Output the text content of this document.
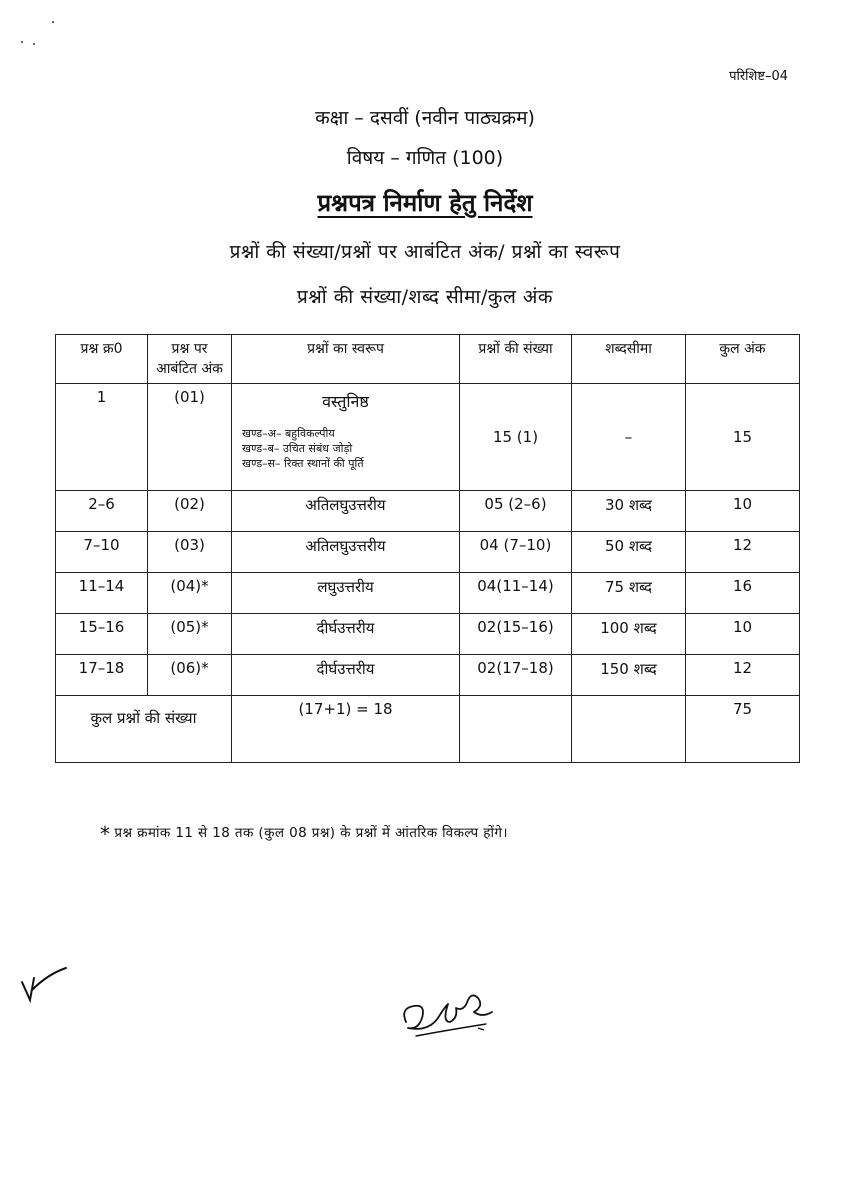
परिशिष्ट–04
कक्षा – दसवीं (नवीन पाठ्यक्रम)
विषय – गणित (100)
प्रश्नपत्र निर्माण हेतु निर्देश
प्रश्नों की संख्या/प्रश्नों पर आबंटित अंक/ प्रश्नों का स्वरूप
प्रश्नों की संख्या/शब्द सीमा/कुल अंक
प्रश्न क्र0	प्रश्न पर आबंटित अंक	प्रश्नों का स्वरूप	प्रश्नों की संख्या	शब्दसीमा	कुल अंक
1	(01)	वस्तुनिष्ठ
खण्ड–अ– बहुविकल्पीय
खण्ड–ब– उचित संबंध जोड़ो
खण्ड–स– रिक्त स्थानों की पूर्ति	15 (1)	–	15
2–6	(02)	अतिलघुउत्तरीय	05 (2–6)	30 शब्द	10
7–10	(03)	अतिलघुउत्तरीय	04 (7–10)	50 शब्द	12
11–14	(04)*	लघुउत्तरीय	04(11–14)	75 शब्द	16
15–16	(05)*	दीर्घउत्तरीय	02(15–16)	100 शब्द	10
17–18	(06)*	दीर्घउत्तरीय	02(17–18)	150 शब्द	12
कुल प्रश्नों की संख्या		(17+1) = 18			75
* प्रश्न क्रमांक 11 से 18 तक (कुल 08 प्रश्न) के प्रश्नों में आंतरिक विकल्प होंगे।
